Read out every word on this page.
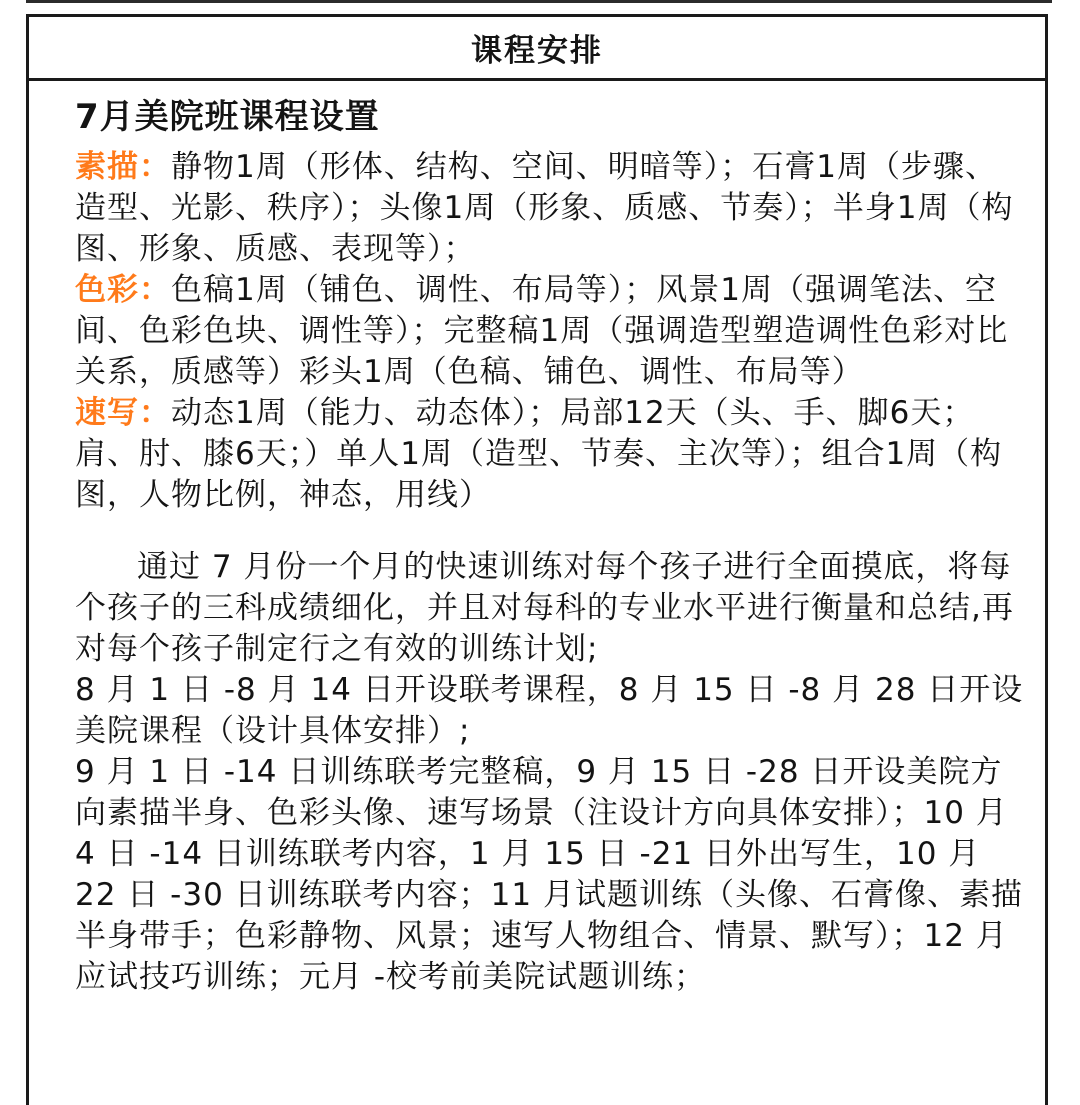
课程安排

7月美院班课程设置

素描：静物1周（形体、结构、空间、明暗等）；石膏1周（步骤、造型、光影、秩序）；头像1周（形象、质感、节奏）；半身1周（构图、形象、质感、表现等）；

色彩：色稿1周（铺色、调性、布局等）；风景1周（强调笔法、空间、色彩色块、调性等）；完整稿1周（强调造型塑造调性色彩对比关系，质感等）彩头1周（色稿、铺色、调性、布局等）

速写：动态1周（能力、动态体）；局部12天（头、手、脚6天；肩、肘、膝6天；）单人1周（造型、节奏、主次等）；组合1周（构图，人物比例，神态，用线）

通过 7 月份一个月的快速训练对每个孩子进行全面摸底，将每个孩子的三科成绩细化，并且对每科的专业水平进行衡量和总结,再对每个孩子制定行之有效的训练计划;

8 月 1 日 -8 月 14 日开设联考课程，8 月 15 日 -8 月 28 日开设美院课程（设计具体安排）;

9 月 1 日 -14 日训练联考完整稿，9 月 15 日 -28 日开设美院方向素描半身、色彩头像、速写场景（注设计方向具体安排）；10 月 4 日 -14 日训练联考内容，1 月 15 日 -21 日外出写生，10 月 22 日 -30 日训练联考内容；11 月试题训练（头像、石膏像、素描半身带手；色彩静物、风景；速写人物组合、情景、默写）；12 月应试技巧训练；元月 -校考前美院试题训练；
